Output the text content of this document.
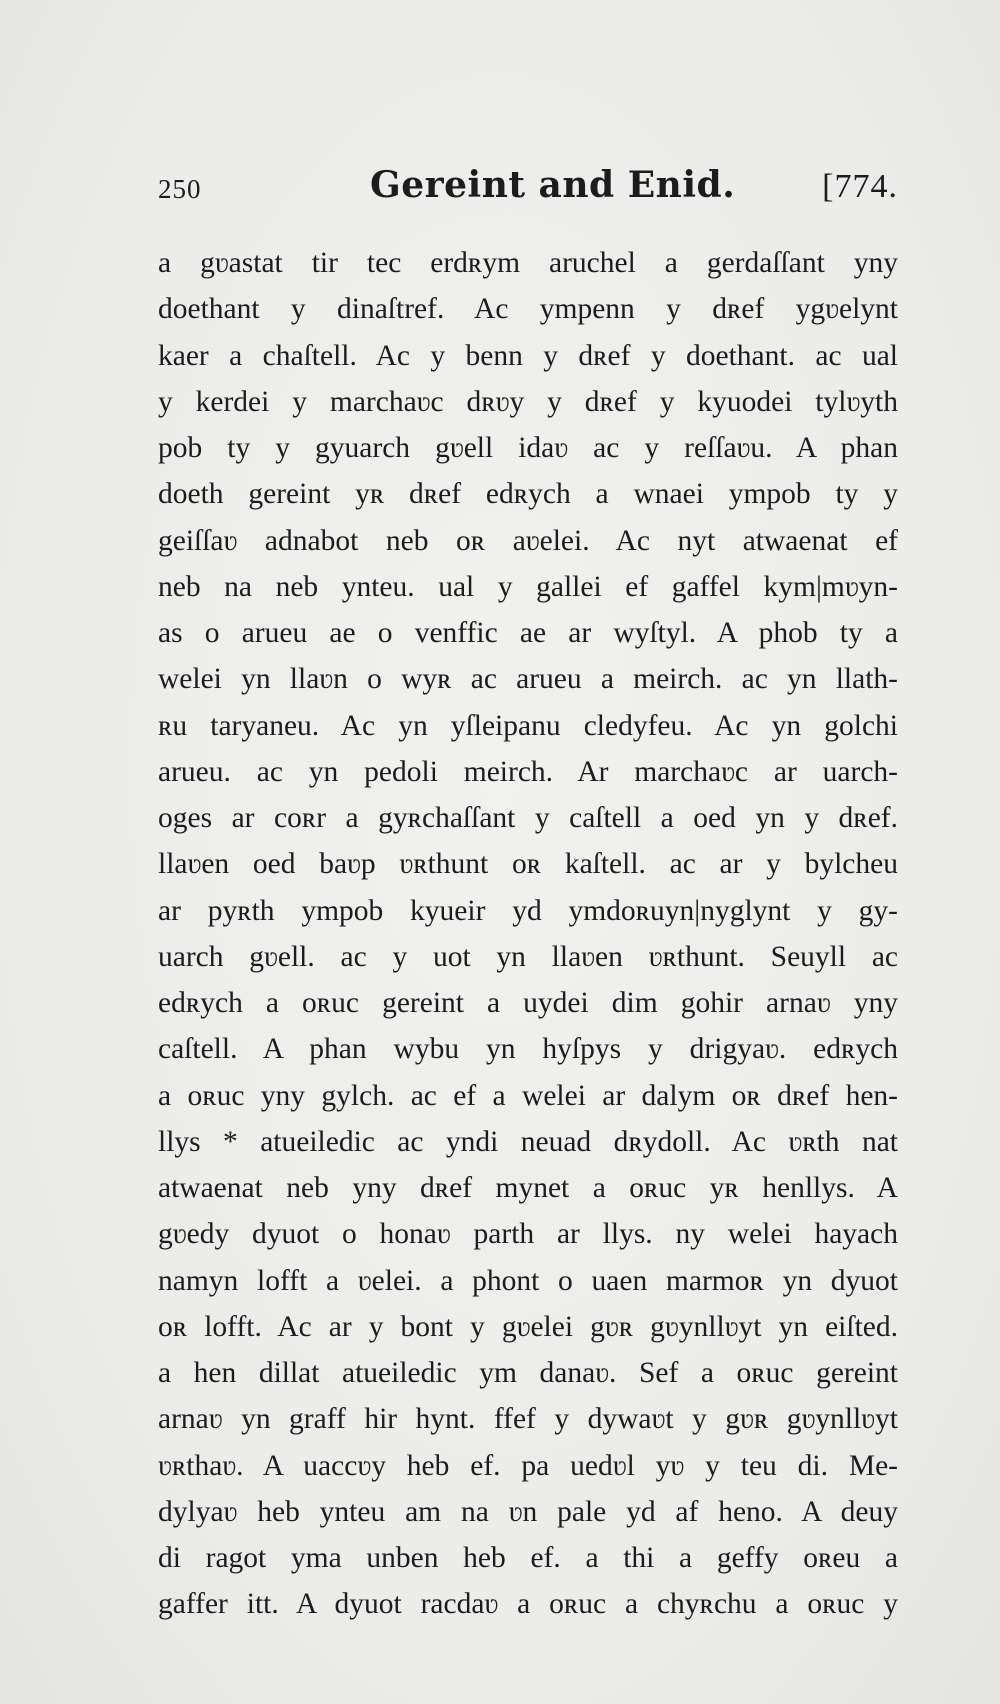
250	Gereint and Enid.	[774.
a gʋastat tir tec erdʀym aruchel a gerdaſſant yny
doethant y dinaſtref. Ac ympenn y dʀef ygʋelynt
kaer a chaſtell. Ac y benn y dʀef y doethant. ac ual
y kerdei y marchaʋc dʀʋy y dʀef y kyuodei tylʋyth
pob ty y gyuarch gʋell idaʋ ac y reſſaʋu. A phan
doeth gereint yʀ dʀef edʀych a wnaei ympob ty y
geiſſaʋ adnabot neb oʀ aʋelei. Ac nyt atwaenat ef
neb na neb ynteu. ual y gallei ef gaffel kym|mʋyn-
as o arueu ae o venffic ae ar wyſtyl. A phob ty a
welei yn llaʋn o wyʀ ac arueu a meirch. ac yn llath-
ʀu taryaneu. Ac yn yſleipanu cledyfeu. Ac yn golchi
arueu. ac yn pedoli meirch. Ar marchaʋc ar uarch-
oges ar coʀr a gyʀchaſſant y caſtell a oed yn y dʀef.
llaʋen oed baʋp ʋʀthunt oʀ kaſtell. ac ar y bylcheu
ar pyʀth ympob kyueir yd ymdoʀuyn|nyglynt y gy-
uarch gʋell. ac y uot yn llaʋen ʋʀthunt. Seuyll ac
edʀych a oʀuc gereint a uydei dim gohir arnaʋ yny
caſtell. A phan wybu yn hyſpys y drigyaʋ. edʀych
a oʀuc yny gylch. ac ef a welei ar dalym oʀ dʀef hen-
llys * atueiledic ac yndi neuad dʀydoll. Ac ʋʀth nat
atwaenat neb yny dʀef mynet a oʀuc yʀ henllys. A
gʋedy dyuot o honaʋ parth ar llys. ny welei hayach
namyn lofft a ʋelei. a phont o uaen marmoʀ yn dyuot
oʀ lofft. Ac ar y bont y gʋelei gʋʀ gʋynllʋyt yn eiſted.
a hen dillat atueiledic ym danaʋ. Sef a oʀuc gereint
arnaʋ yn graff hir hynt. ffef y dywaʋt y gʋʀ gʋynllʋyt
ʋʀthaʋ. A uaccʋy heb ef. pa uedʋl yʋ y teu di. Me-
dylyaʋ heb ynteu am na ʋn pale yd af heno. A deuy
di ragot yma unben heb ef. a thi a geffy oʀeu a
gaffer itt. A dyuot racdaʋ a oʀuc a chyʀchu a oʀuc y
